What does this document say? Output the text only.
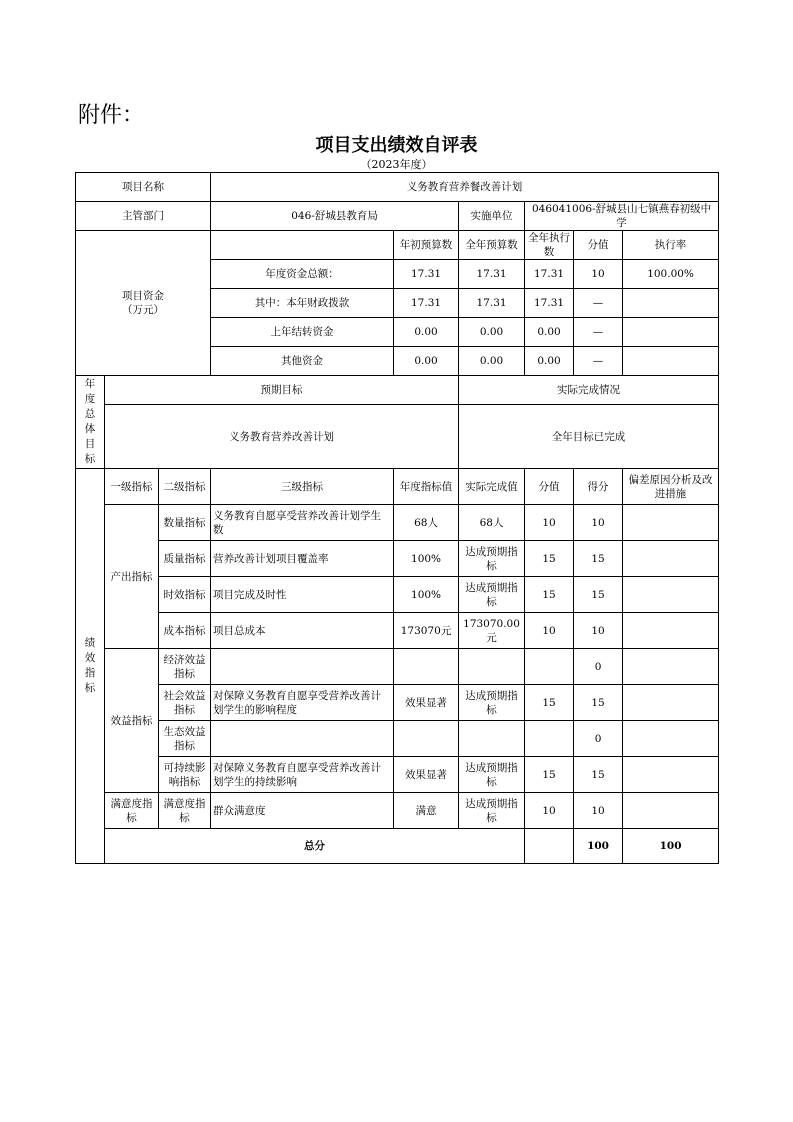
附件：
项目支出绩效自评表
（2023年度）
项目名称			义务教育营养餐改善计划						
主管部门			046-舒城县教育局		实施单位	046041006-舒城县山七镇燕春初级中学			
项目资金
（万元）				年初预算数	全年预算数	全年执行数	分值	执行率	
			年度资金总额：	17.31	17.31	17.31	10	100.00%	
			其中：本年财政拨款	17.31	17.31	17.31	—		
			上年结转资金	0.00	0.00	0.00	—		
			其他资金	0.00	0.00	0.00	—		
年度总体目标	预期目标				实际完成情况				
	义务教育营养改善计划				全年目标已完成				
绩效指标	一级指标	二级指标	三级指标	年度指标值	实际完成值	分值	得分	偏差原因分析及改进措施	
	产出指标	数量指标	义务教育自愿享受营养改善计划学生数	68人	68人	10	10		
		质量指标	营养改善计划项目覆盖率	100%	达成预期指标	15	15		
		时效指标	项目完成及时性	100%	达成预期指标	15	15		
		成本指标	项目总成本	173070元	173070.00元	10	10		
	效益指标	经济效益指标					0		
		社会效益指标	对保障义务教育自愿享受营养改善计划学生的影响程度	效果显著	达成预期指标	15	15		
		生态效益指标					0		
		可持续影响指标	对保障义务教育自愿享受营养改善计划学生的持续影响	效果显著	达成预期指标	15	15		
	满意度指标	满意度指标	群众满意度	满意	达成预期指标	10	10		
	总分						100	100	
